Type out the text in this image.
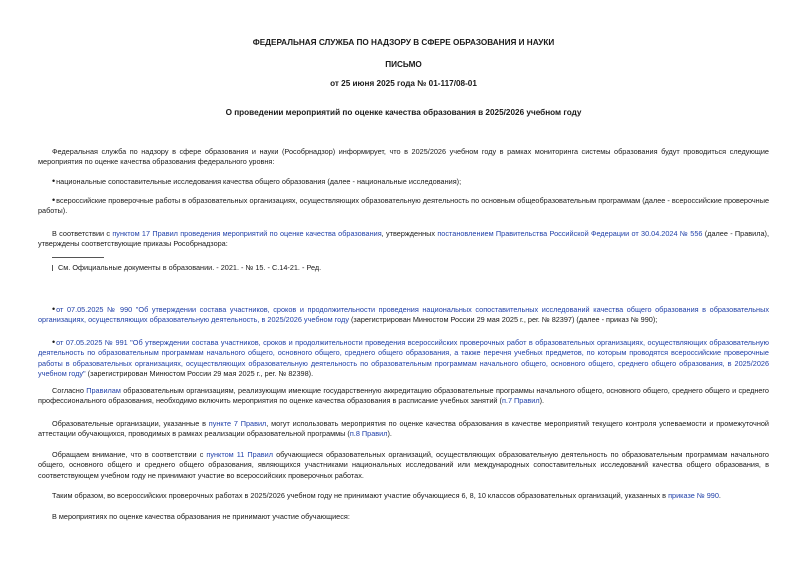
ФЕДЕРАЛЬНАЯ СЛУЖБА ПО НАДЗОРУ В СФЕРЕ ОБРАЗОВАНИЯ И НАУКИ
ПИСЬМО
от 25 июня 2025 года № 01-117/08-01
О проведении мероприятий по оценке качества образования в 2025/2026 учебном году
Федеральная служба по надзору в сфере образования и науки (Рособрнадзор) информирует, что в 2025/2026 учебном году в рамках мониторинга системы образования будут проводиться следующие мероприятия по оценке качества образования федерального уровня:
• национальные сопоставительные исследования качества общего образования (далее - национальные исследования);
• всероссийские проверочные работы в образовательных организациях, осуществляющих образовательную деятельность по основным общеобразовательным программам (далее - всероссийские проверочные работы).
В соответствии с пунктом 17 Правил проведения мероприятий по оценке качества образования, утвержденных постановлением Правительства Российской Федерации от 30.04.2024 № 556 (далее - Правила), утверждены соответствующие приказы Рособрнадзора:
См. Официальные документы в образовании. - 2021. - № 15. - С.14-21. - Ред.
• от 07.05.2025 № 990 "Об утверждении состава участников, сроков и продолжительности проведения национальных сопоставительных исследований качества общего образования в образовательных организациях, осуществляющих образовательную деятельность, в 2025/2026 учебном году (зарегистрирован Минюстом России 29 мая 2025 г., рег. № 82397) (далее - приказ № 990);
• от 07.05.2025 № 991 "Об утверждении состава участников, сроков и продолжительности проведения всероссийских проверочных работ в образовательных организациях, осуществляющих образовательную деятельность по образовательным программам начального общего, основного общего, среднего общего образования, а также перечня учебных предметов, по которым проводятся всероссийские проверочные работы в образовательных организациях, осуществляющих образовательную деятельность по образовательным программам начального общего, основного общего, среднего общего образования, в 2025/2026 учебном году" (зарегистрирован Минюстом России 29 мая 2025 г., рег. № 82398).
Согласно Правилам образовательным организациям, реализующим имеющие государственную аккредитацию образовательные программы начального общего, основного общего, среднего общего и среднего профессионального образования, необходимо включить мероприятия по оценке качества образования в расписание учебных занятий (п.7 Правил).
Образовательные организации, указанные в пункте 7 Правил, могут использовать мероприятия по оценке качества образования в качестве мероприятий текущего контроля успеваемости и промежуточной аттестации обучающихся, проводимых в рамках реализации образовательной программы (п.8 Правил).
Обращаем внимание, что в соответствии с пунктом 11 Правил обучающиеся образовательных организаций, осуществляющих образовательную деятельность по образовательным программам начального общего, основного общего и среднего общего образования, являющихся участниками национальных исследований или международных сопоставительных исследований качества общего образования, в соответствующем учебном году не принимают участие во всероссийских проверочных работах.
Таким образом, во всероссийских проверочных работах в 2025/2026 учебном году не принимают участие обучающиеся 6, 8, 10 классов образовательных организаций, указанных в приказе № 990.
В мероприятиях по оценке качества образования не принимают участие обучающиеся:
